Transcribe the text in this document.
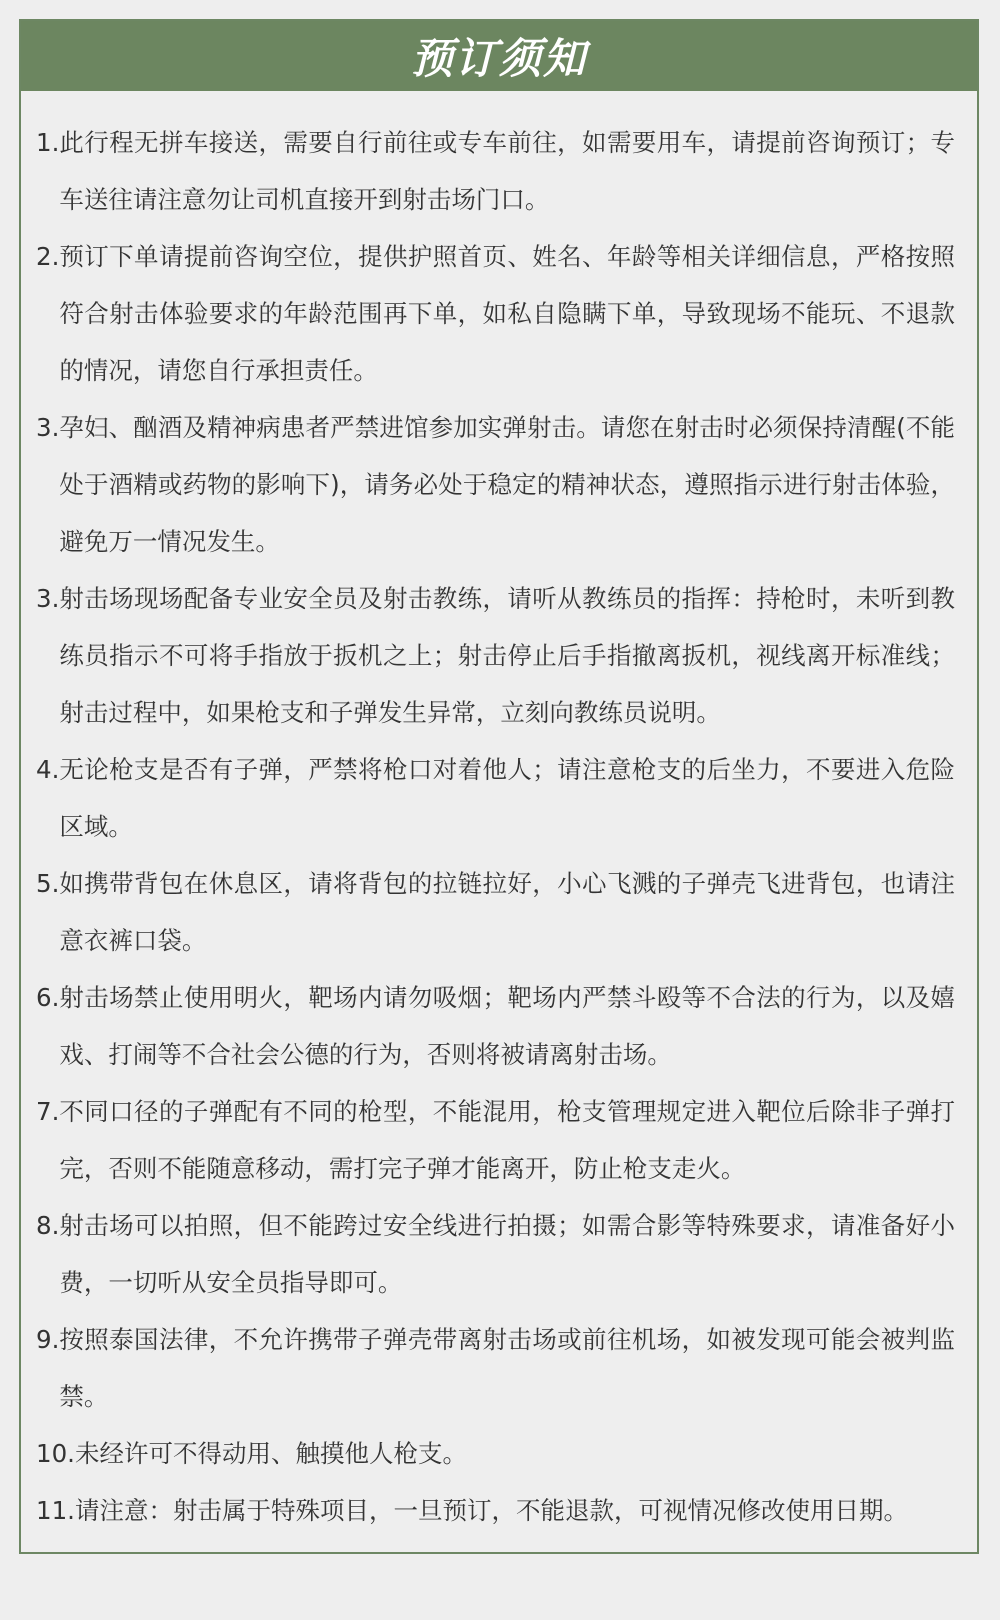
预订须知
1. 此行程无拼车接送，需要自行前往或专车前往，如需要用车，请提前咨询预订；专车送往请注意勿让司机直接开到射击场门口。
2. 预订下单请提前咨询空位，提供护照首页、姓名、年龄等相关详细信息，严格按照符合射击体验要求的年龄范围再下单，如私自隐瞒下单，导致现场不能玩、不退款的情况，请您自行承担责任。
3. 孕妇、酗酒及精神病患者严禁进馆参加实弹射击。请您在射击时必须保持清醒(不能处于酒精或药物的影响下)，请务必处于稳定的精神状态，遵照指示进行射击体验，避免万一情况发生。
3. 射击场现场配备专业安全员及射击教练，请听从教练员的指挥：持枪时，未听到教练员指示不可将手指放于扳机之上；射击停止后手指撤离扳机，视线离开标准线；射击过程中，如果枪支和子弹发生异常，立刻向教练员说明。
4. 无论枪支是否有子弹，严禁将枪口对着他人；请注意枪支的后坐力，不要进入危险区域。
5. 如携带背包在休息区，请将背包的拉链拉好，小心飞溅的子弹壳飞进背包，也请注意衣裤口袋。
6. 射击场禁止使用明火，靶场内请勿吸烟；靶场内严禁斗殴等不合法的行为，以及嬉戏、打闹等不合社会公德的行为，否则将被请离射击场。
7. 不同口径的子弹配有不同的枪型，不能混用，枪支管理规定进入靶位后除非子弹打完，否则不能随意移动，需打完子弹才能离开，防止枪支走火。
8. 射击场可以拍照，但不能跨过安全线进行拍摄；如需合影等特殊要求，请准备好小费，一切听从安全员指导即可。
9. 按照泰国法律，不允许携带子弹壳带离射击场或前往机场，如被发现可能会被判监禁。
10. 未经许可不得动用、触摸他人枪支。
11. 请注意：射击属于特殊项目，一旦预订，不能退款，可视情况修改使用日期。
